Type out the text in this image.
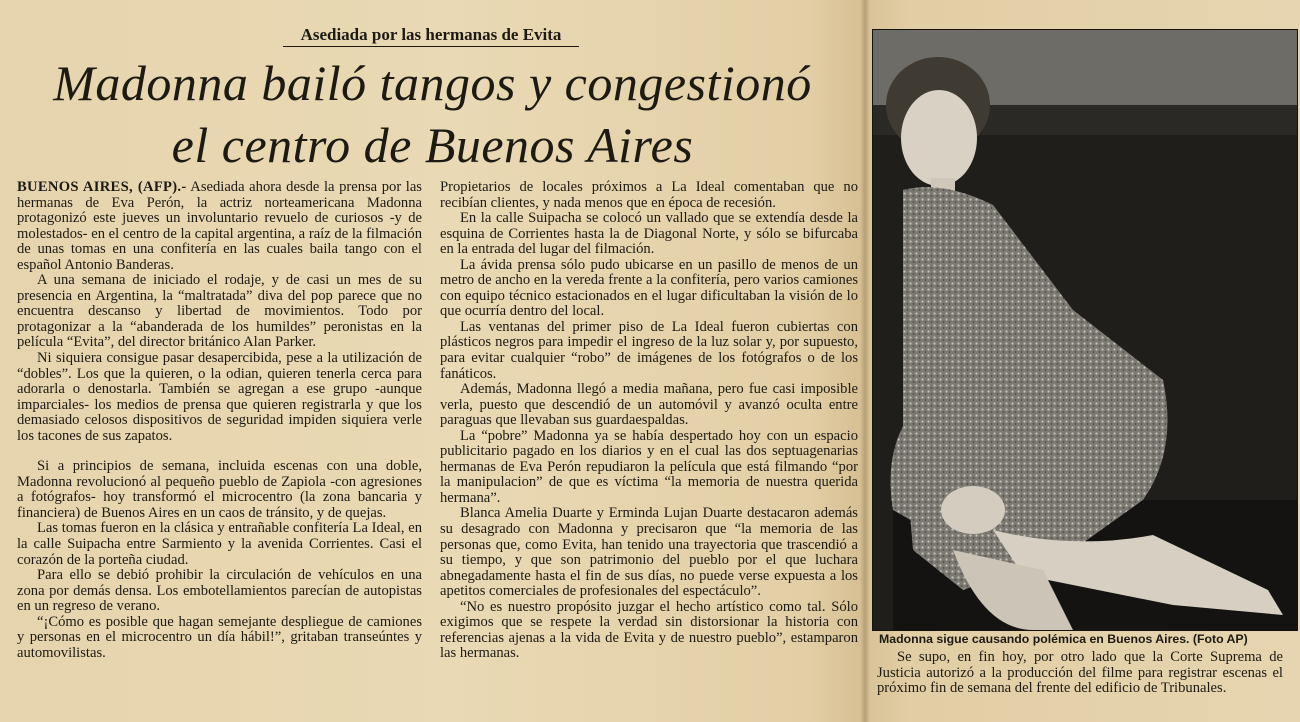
Asediada por las hermanas de Evita
Madonna bailó tangos y congestionó
el centro de Buenos Aires

BUENOS AIRES, (AFP).- Asediada ahora desde la prensa por las hermanas de Eva Perón, la actriz norteamericana Madonna protagonizó este jueves un involuntario revuelo de curiosos -y de molestados- en el centro de la capital argentina, a raíz de la filmación de unas tomas en una confitería en las cuales baila tango con el español Antonio Banderas.

A una semana de iniciado el rodaje, y de casi un mes de su presencia en Argentina, la “maltratada” diva del pop parece que no encuentra descanso y libertad de movimientos. Todo por protagonizar a la “abanderada de los humildes” peronistas en la película “Evita”, del director británico Alan Parker.

Ni siquiera consigue pasar desapercibida, pese a la utilización de “dobles”. Los que la quieren, o la odian, quieren tenerla cerca para adorarla o denostarla. También se agregan a ese grupo -aunque imparciales- los medios de prensa que quieren registrarla y que los demasiado celosos dispositivos de seguridad impiden siquiera verle los tacones de sus zapatos.

Si a principios de semana, incluida escenas con una doble, Madonna revolucionó al pequeño pueblo de Zapiola -con agresiones a fotógrafos- hoy transformó el microcentro (la zona bancaria y financiera) de Buenos Aires en un caos de tránsito, y de quejas.

Las tomas fueron en la clásica y entrañable confitería La Ideal, en la calle Suipacha entre Sarmiento y la avenida Corrientes. Casi el corazón de la porteña ciudad.

Para ello se debió prohibir la circulación de vehículos en una zona por demás densa. Los embotellamientos parecían de autopistas en un regreso de verano.

“¡Cómo es posible que hagan semejante despliegue de camiones y personas en el microcentro un día hábil!”, gritaban transeúntes y automovilistas.

Propietarios de locales próximos a La Ideal comentaban que no recibían clientes, y nada menos que en época de recesión.

En la calle Suipacha se colocó un vallado que se extendía desde la esquina de Corrientes hasta la de Diagonal Norte, y sólo se bifurcaba en la entrada del lugar del filmación.

La ávida prensa sólo pudo ubicarse en un pasillo de menos de un metro de ancho en la vereda frente a la confitería, pero varios camiones con equipo técnico estacionados en el lugar dificultaban la visión de lo que ocurría dentro del local.

Las ventanas del primer piso de La Ideal fueron cubiertas con plásticos negros para impedir el ingreso de la luz solar y, por supuesto, para evitar cualquier “robo” de imágenes de los fotógrafos o de los fanáticos.

Además, Madonna llegó a media mañana, pero fue casi imposible verla, puesto que descendió de un automóvil y avanzó oculta entre paraguas que llevaban sus guardaespaldas.

La “pobre” Madonna ya se había despertado hoy con un espacio publicitario pagado en los diarios y en el cual las dos septuagenarias hermanas de Eva Perón repudiaron la película que está filmando “por la manipulacion” de que es víctima “la memoria de nuestra querida hermana”.

Blanca Amelia Duarte y Erminda Lujan Duarte destacaron además su desagrado con Madonna y precisaron que “la memoria de las personas que, como Evita, han tenido una trayectoria que trascendió a su tiempo, y que son patrimonio del pueblo por el que luchara abnegadamente hasta el fin de sus días, no puede verse expuesta a los apetitos comerciales de profesionales del espectáculo”.

“No es nuestro propósito juzgar el hecho artístico como tal. Sólo exigimos que se respete la verdad sin distorsionar la historia con referencias ajenas a la vida de Evita y de nuestro pueblo”, estamparon las hermanas.

Madonna sigue causando polémica en Buenos Aires. (Foto AP)

Se supo, en fin hoy, por otro lado que la Corte Suprema de Justicia autorizó a la producción del filme para registrar escenas el próximo fin de semana del frente del edificio de Tribunales.
